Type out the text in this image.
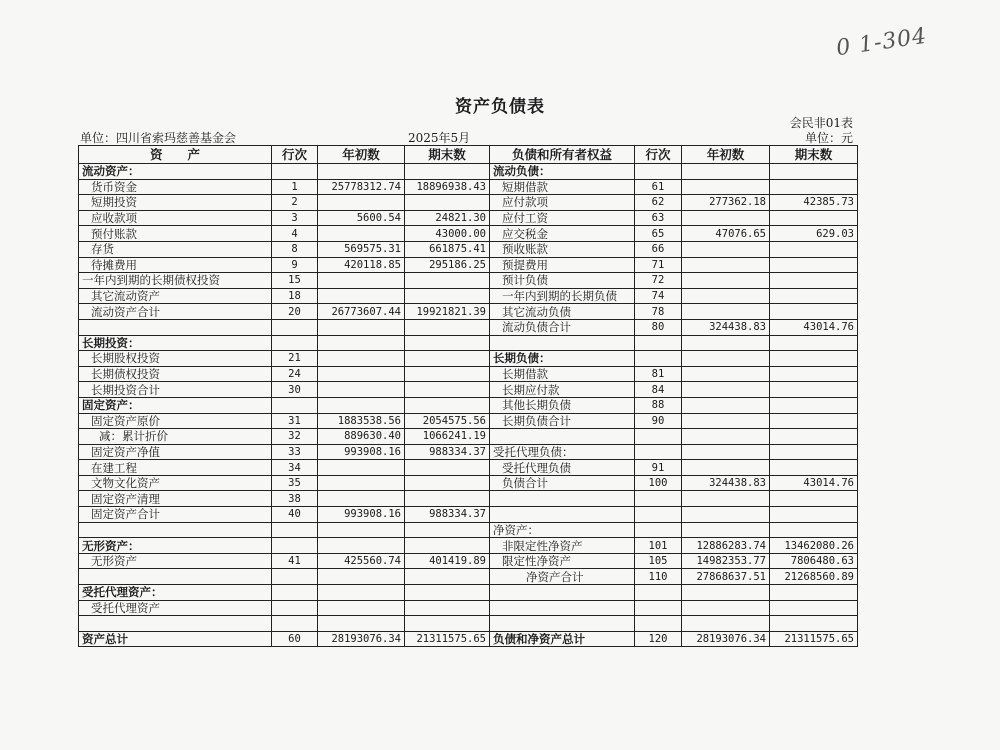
0 1-304
资产负债表
会民非01表
单位：四川省索玛慈善基金会	2025年5月	单位：元
资　　产	行次	年初数	期末数	负债和所有者权益	行次	年初数	期末数
流动资产：				流动负债：			
货币资金	1	25778312.74	18896938.43	短期借款	61		
短期投资	2			应付款项	62	277362.18	42385.73
应收款项	3	5600.54	24821.30	应付工资	63		
预付账款	4		43000.00	应交税金	65	47076.65	629.03
存货	8	569575.31	661875.41	预收账款	66		
待摊费用	9	420118.85	295186.25	预提费用	71		
一年内到期的长期债权投资	15			预计负债	72		
其它流动资产	18			一年内到期的长期负债	74		
流动资产合计	20	26773607.44	19921821.39	其它流动负债	78		
				流动负债合计	80	324438.83	43014.76
长期投资：							
长期股权投资	21			长期负债：			
长期债权投资	24			长期借款	81		
长期投资合计	30			长期应付款	84		
固定资产：				其他长期负债	88		
固定资产原价	31	1883538.56	2054575.56	长期负债合计	90		
减：累计折价	32	889630.40	1066241.19				
固定资产净值	33	993908.16	988334.37	受托代理负债：			
在建工程	34			受托代理负债	91		
文物文化资产	35			负债合计	100	324438.83	43014.76
固定资产清理	38						
固定资产合计	40	993908.16	988334.37				
				净资产：			
无形资产：				非限定性净资产	101	12886283.74	13462080.26
无形资产	41	425560.74	401419.89	限定性净资产	105	14982353.77	7806480.63
				净资产合计	110	27868637.51	21268560.89
受托代理资产：							
受托代理资产							

资产总计	60	28193076.34	21311575.65	负债和净资产总计	120	28193076.34	21311575.65
